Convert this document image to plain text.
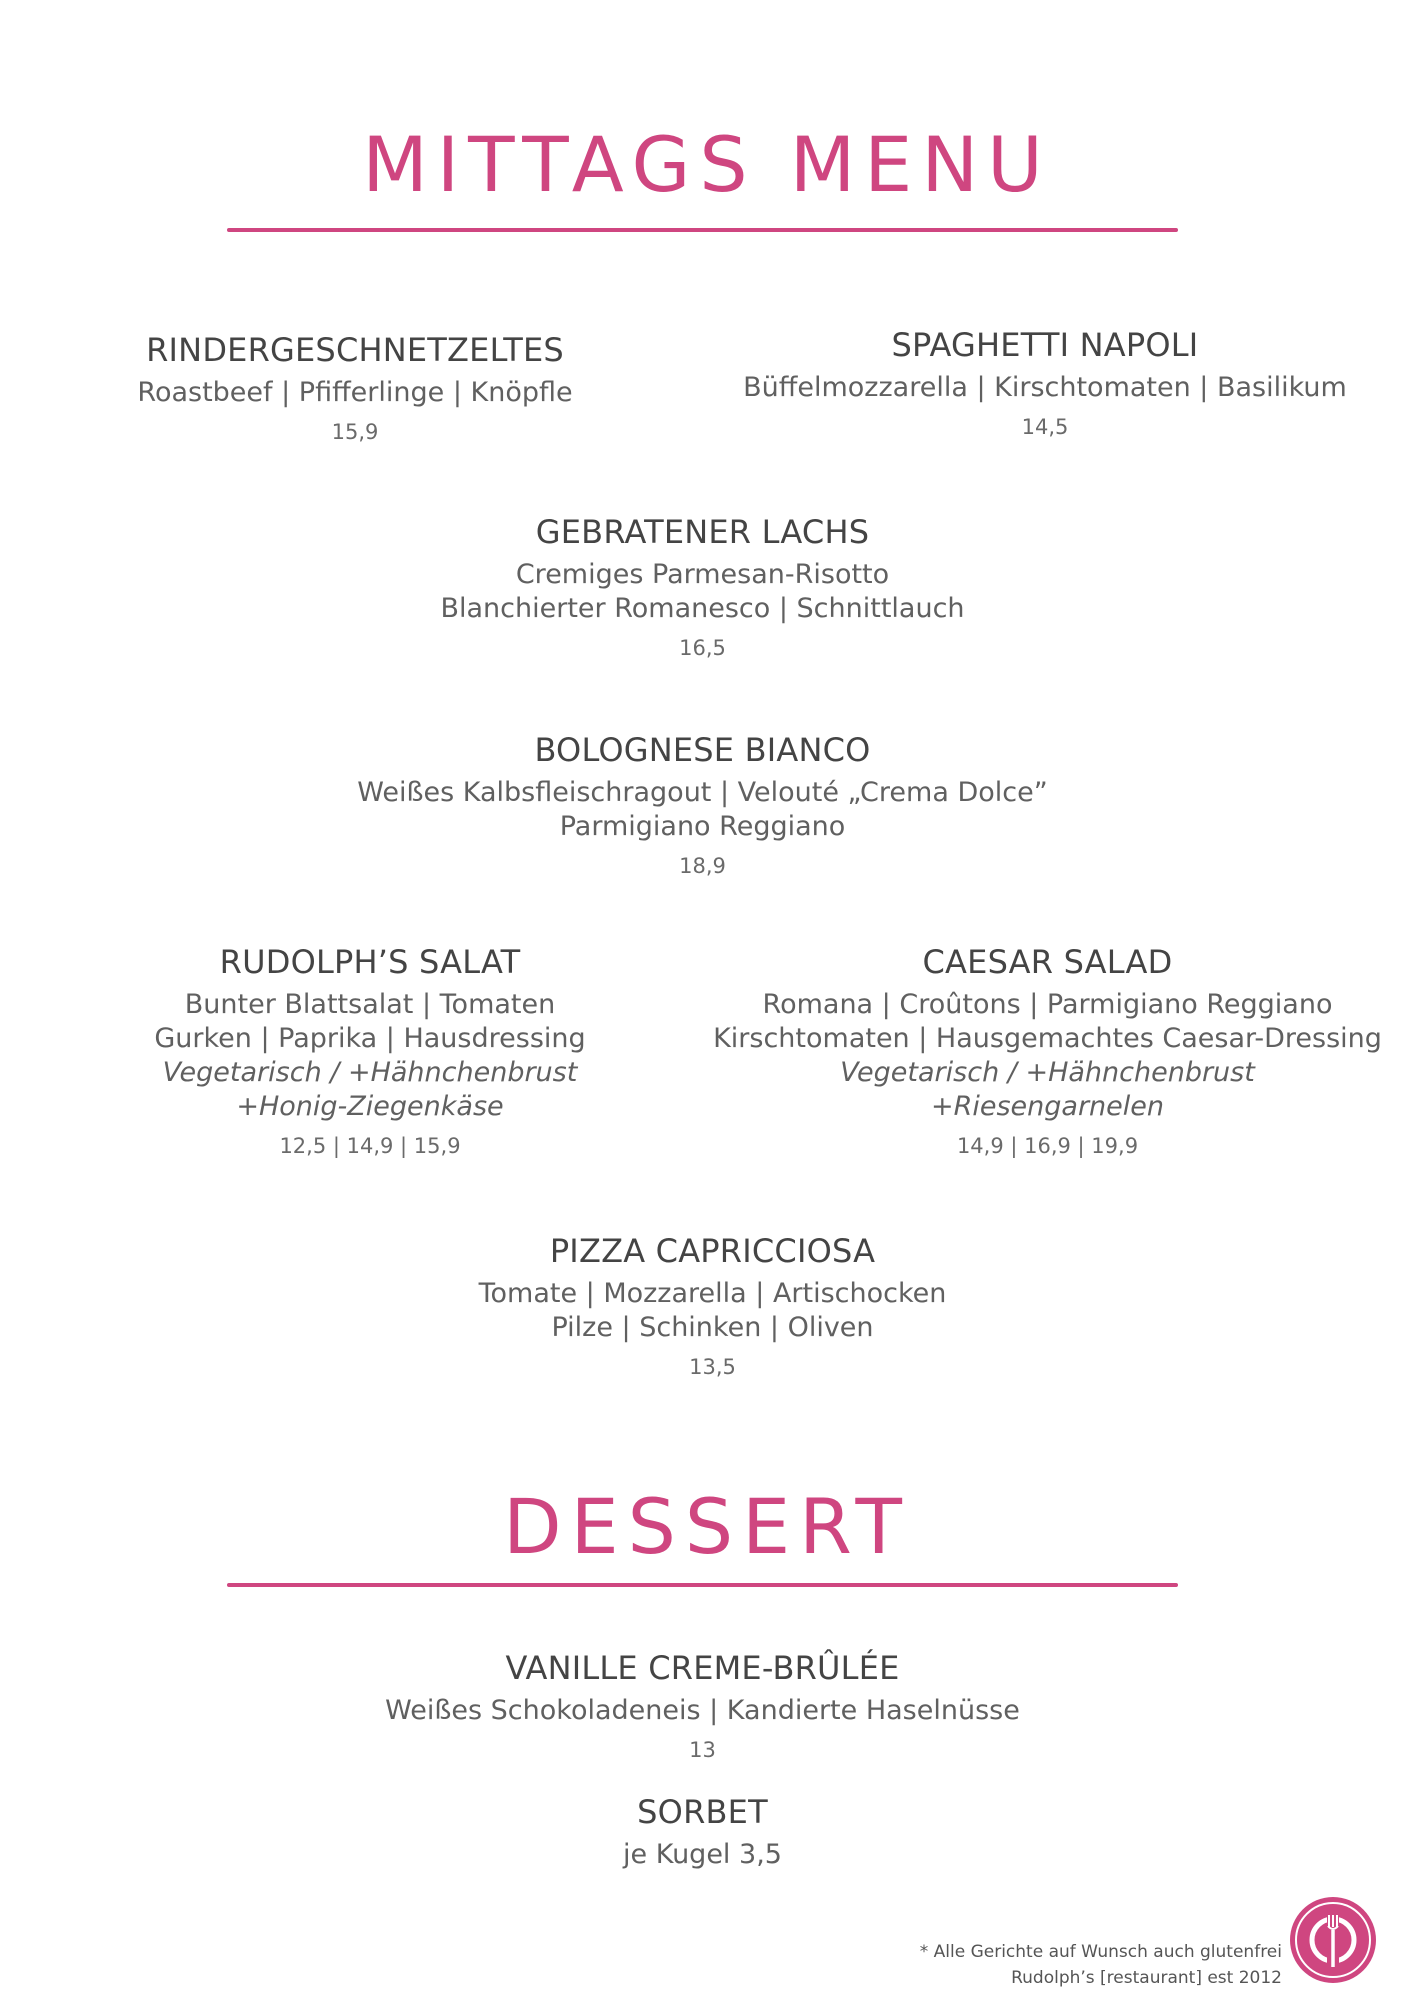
MITTAGS MENU
RINDERGESCHNETZELTES
Roastbeef | Pfifferlinge | Knöpfle
15,9
SPAGHETTI NAPOLI
Büffelmozzarella | Kirschtomaten | Basilikum
14,5
GEBRATENER LACHS
Cremiges Parmesan-Risotto
Blanchierter Romanesco | Schnittlauch
16,5
BOLOGNESE BIANCO
Weißes Kalbsfleischragout | Velouté „Crema Dolce”
Parmigiano Reggiano
18,9
RUDOLPH’S SALAT
Bunter Blattsalat | Tomaten
Gurken | Paprika | Hausdressing
Vegetarisch / +Hähnchenbrust
+Honig-Ziegenkäse
12,5 | 14,9 | 15,9
CAESAR SALAD
Romana | Croûtons | Parmigiano Reggiano
Kirschtomaten | Hausgemachtes Caesar-Dressing
Vegetarisch / +Hähnchenbrust
+Riesengarnelen
14,9 | 16,9 | 19,9
PIZZA CAPRICCIOSA
Tomate | Mozzarella | Artischocken
Pilze | Schinken | Oliven
13,5
DESSERT
VANILLE CREME-BRÛLÉE
Weißes Schokoladeneis | Kandierte Haselnüsse
13
SORBET
je Kugel 3,5
* Alle Gerichte auf Wunsch auch glutenfrei
Rudolph’s [restaurant] est 2012
